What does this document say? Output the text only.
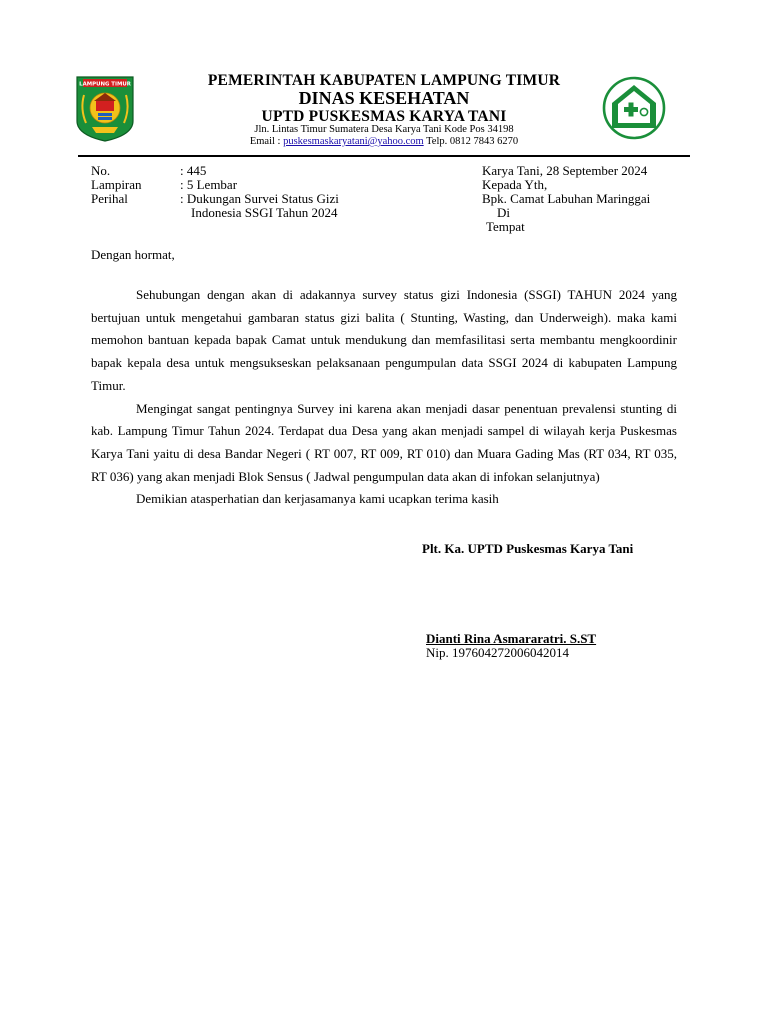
LAMPUNG TIMUR	PEMERINTAH KABUPATEN LAMPUNG TIMUR
DINAS KESEHATAN
UPTD PUSKESMAS KARYA TANI
Jln. Lintas Timur Sumatera Desa Karya Tani Kode Pos 34198
Email : puskesmaskaryatani@yahoo.com Telp. 0812 7843 6270
No.	: 445
Lampiran	: 5 Lembar
Perihal	: Dukungan Survei Status Gizi
Indonesia SSGI Tahun 2024
Karya Tani, 28 September 2024
Kepada Yth,
Bpk. Camat Labuhan Maringgai
Di
Tempat
Dengan hormat,

Sehubungan dengan akan di adakannya survey status gizi Indonesia (SSGI) TAHUN 2024 yang bertujuan untuk mengetahui gambaran status gizi balita ( Stunting, Wasting, dan Underweigh). maka kami memohon bantuan kepada bapak Camat untuk mendukung dan memfasilitasi serta membantu mengkoordinir bapak kepala desa untuk mengsukseskan pelaksanaan pengumpulan data SSGI 2024 di kabupaten Lampung Timur.

Mengingat sangat pentingnya Survey ini karena akan menjadi dasar penentuan prevalensi stunting di kab. Lampung Timur Tahun 2024. Terdapat dua Desa yang akan menjadi sampel di wilayah kerja Puskesmas Karya Tani yaitu di desa Bandar Negeri ( RT 007, RT 009, RT 010) dan Muara Gading Mas (RT 034, RT 035, RT 036) yang akan menjadi Blok Sensus ( Jadwal pengumpulan data akan di infokan selanjutnya)

Demikian atasperhatian dan kerjasamanya kami ucapkan terima kasih

Plt. Ka. UPTD Puskesmas Karya Tani
Dianti Rina Asmararatri. S.ST
Nip. 197604272006042014
